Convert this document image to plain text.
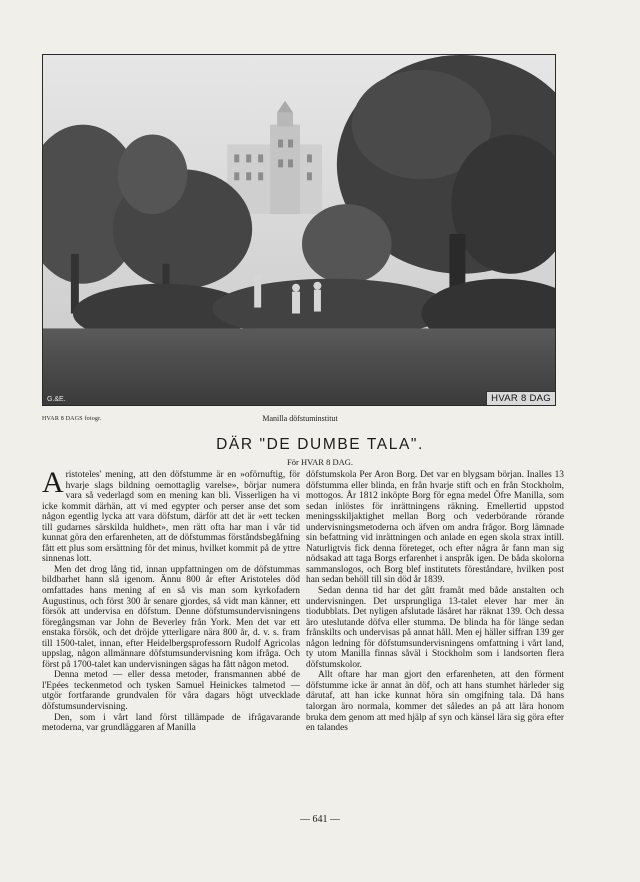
G.&E.	HVAR 8 DAG
HVAR 8 DAGS fotogr.	Manilla döfstuminstitut
DÄR "DE DUMBE TALA".
För HVAR 8 DAG.

Aristoteles' mening, att den döfstumme är en »oförnuftig, för hvarje slags bildning oemottaglig varelse», börjar numera vara så vederlagd som en mening kan bli. Visserligen ha vi icke kommit därhän, att vi med egypter och perser anse det som någon egentlig lycka att vara döfstum, därför att det är »ett tecken till gudarnes särskilda huldhet», men rätt ofta har man i vår tid kunnat göra den erfarenheten, att de döfstummas förståndsbegåfning fått ett plus som ersättning för det minus, hvilket kommit på de yttre sinnenas lott.

Men det drog lång tid, innan uppfattningen om de döfstummas bildbarhet hann slå igenom. Ännu 800 år efter Aristoteles död omfattades hans mening af en så vis man som kyrkofadern Augustinus, och först 300 år senare gjordes, så vidt man känner, ett försök att undervisa en döfstum. Denne döfstumsundervisningens föregångsman var John de Beverley från York. Men det var ett enstaka försök, och det dröjde ytterligare nära 800 år, d. v. s. fram till 1500-talet, innan, efter Heidelbergsprofessorn Rudolf Agricolas uppslag, någon allmännare döfstumsundervisning kom ifråga. Och först på 1700-talet kan undervisningen sägas ha fått någon metod.

Denna metod — eller dessa metoder, fransmannen abbé de l'Epées teckenmetod och tysken Samuel Heinickes talmetod — utgör fortfarande grundvalen för våra dagars högt utvecklade döfstumsundervisning.

Den, som i vårt land först tillämpade de ifrågavarande metoderna, var grundläggaren af Manilla

döfstumskola Per Aron Borg. Det var en blygsam början. Inalles 13 döfstumma eller blinda, en från hvarje stift och en från Stockholm, mottogos. År 1812 inköpte Borg för egna medel Öfre Manilla, som sedan inlöstes för inrättningens räkning. Emellertid uppstod meningsskiljaktighet mellan Borg och vederbörande rörande undervisningsmetoderna och äfven om andra frågor. Borg lämnade sin befattning vid inrättningen och anlade en egen skola strax intill. Naturligtvis fick denna företeget, och efter några år fann man sig nödsakad att taga Borgs erfarenhet i anspråk igen. De båda skolorna sammanslogos, och Borg blef institutets föreståndare, hvilken post han sedan behöll till sin död år 1839.

Sedan denna tid har det gått framåt med både anstalten och undervisningen. Det ursprungliga 13-talet elever har mer än tiodubblats. Det nyligen afslutade läsåret har räknat 139. Och dessa äro uteslutande döfva eller stumma. De blinda ha för länge sedan frånskilts och undervisas på annat håll. Men ej häller siffran 139 ger någon ledning för döfstumsundervisningens omfattning i vårt land, ty utom Manilla finnas såväl i Stockholm som i landsorten flera döfstumskolor.

Allt oftare har man gjort den erfarenheten, att den förment döfstumme icke är annat än döf, och att hans stumhet härleder sig därutaf, att han icke kunnat höra sin omgifning tala. Då hans talorgan äro normala, kommer det således an på att lära honom bruka dem genom att med hjälp af syn och känsel lära sig göra efter en talandes

— 641 —
